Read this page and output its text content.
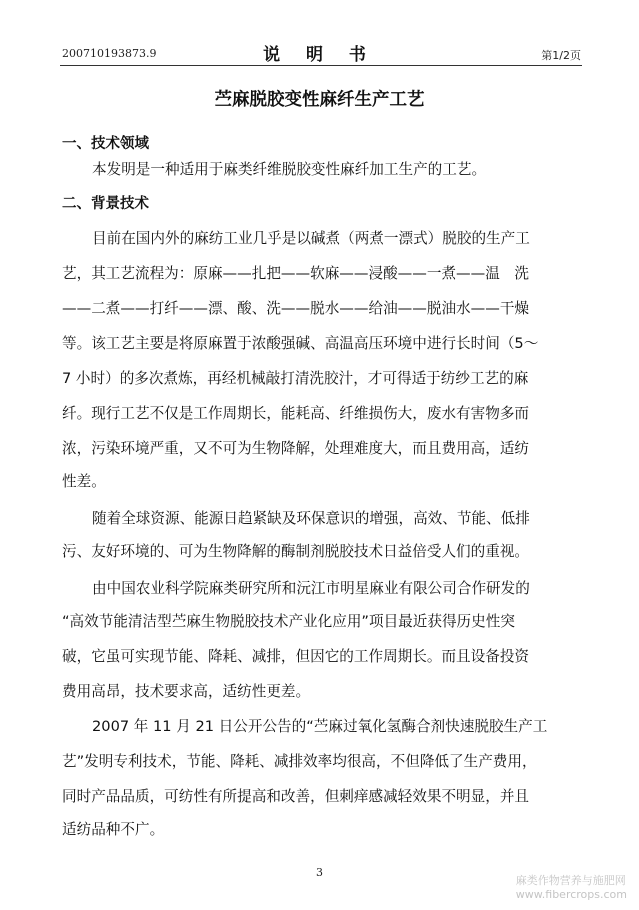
200710193873.9	说 明 书	第1/2页
苎麻脱胶变性麻纤生产工艺
一、技术领域
本发明是一种适用于麻类纤维脱胶变性麻纤加工生产的工艺。
二、背景技术
目前在国内外的麻纺工业几乎是以碱煮（两煮一漂式）脱胶的生产工
艺，其工艺流程为：原麻——扎把——软麻——浸酸——一煮——温　洗
——二煮——打纤——漂、酸、洗——脱水——给油——脱油水——干燥
等。该工艺主要是将原麻置于浓酸强碱、高温高压环境中进行长时间（5～
7 小时）的多次煮炼，再经机械敲打清洗胶汁，才可得适于纺纱工艺的麻
纤。现行工艺不仅是工作周期长，能耗高、纤维损伤大，废水有害物多而
浓，污染环境严重，又不可为生物降解，处理难度大，而且费用高，适纺
性差。
随着全球资源、能源日趋紧缺及环保意识的增强，高效、节能、低排
污、友好环境的、可为生物降解的酶制剂脱胶技术日益倍受人们的重视。
由中国农业科学院麻类研究所和沅江市明星麻业有限公司合作研发的
“高效节能清洁型苎麻生物脱胶技术产业化应用”项目最近获得历史性突
破，它虽可实现节能、降耗、减排，但因它的工作周期长。而且设备投资
费用高昂，技术要求高，适纺性更差。
2007 年 11 月 21 日公开公告的“苎麻过氧化氢酶合剂快速脱胶生产工
艺”发明专利技术，节能、降耗、减排效率均很高，不但降低了生产费用，
同时产品品质，可纺性有所提高和改善，但刺痒感减轻效果不明显，并且
适纺品种不广。
3
麻类作物营养与施肥网
www.fibercrops.com
